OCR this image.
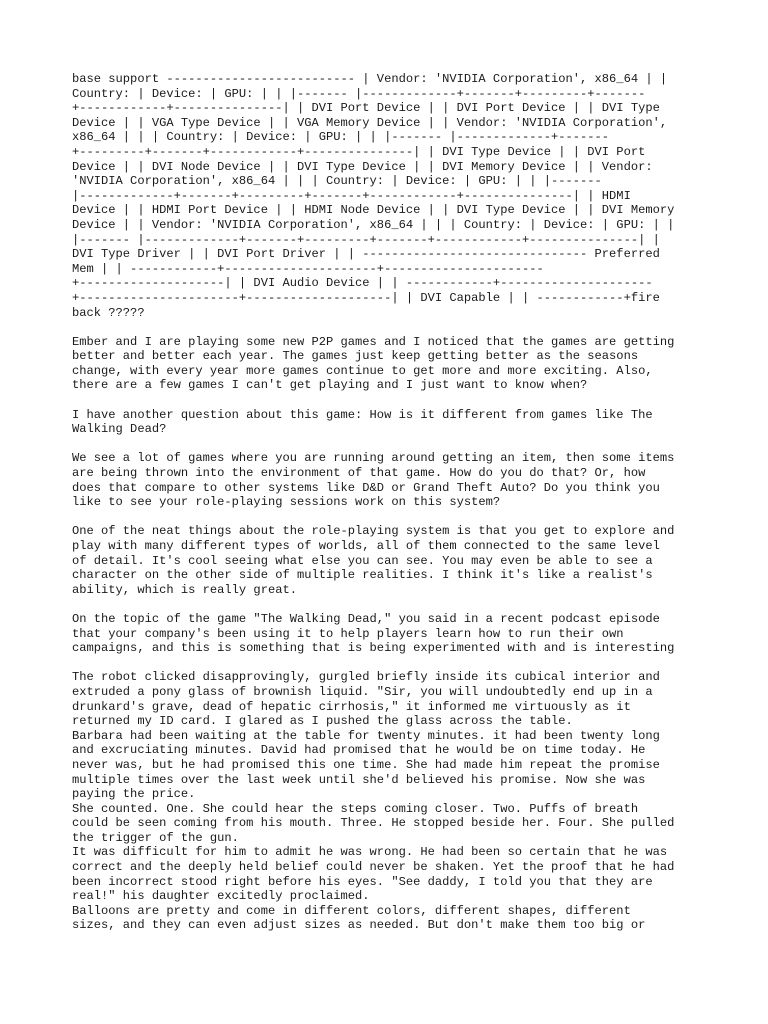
base support -------------------------- | Vendor: 'NVIDIA Corporation', x86_64 | |
Country: | Device: | GPU: | | |------- |-------------+-------+---------+-------
+------------+---------------| | DVI Port Device | | DVI Port Device | | DVI Type
Device | | VGA Type Device | | VGA Memory Device | | Vendor: 'NVIDIA Corporation',
x86_64 | | | Country: | Device: | GPU: | | |------- |-------------+-------
+---------+-------+------------+---------------| | DVI Type Device | | DVI Port
Device | | DVI Node Device | | DVI Type Device | | DVI Memory Device | | Vendor:
'NVIDIA Corporation', x86_64 | | | Country: | Device: | GPU: | | |-------
|-------------+-------+---------+-------+------------+---------------| | HDMI
Device | | HDMI Port Device | | HDMI Node Device | | DVI Type Device | | DVI Memory
Device | | Vendor: 'NVIDIA Corporation', x86_64 | | | Country: | Device: | GPU: | |
|------- |-------------+-------+---------+-------+------------+---------------| |
DVI Type Driver | | DVI Port Driver | | ------------------------------- Preferred
Mem | | ------------+---------------------+----------------------
+--------------------| | DVI Audio Device | | ------------+---------------------
+----------------------+--------------------| | DVI Capable | | ------------+fire
back ?????

Ember and I are playing some new P2P games and I noticed that the games are getting
better and better each year. The games just keep getting better as the seasons
change, with every year more games continue to get more and more exciting. Also,
there are a few games I can't get playing and I just want to know when?

I have another question about this game: How is it different from games like The
Walking Dead?

We see a lot of games where you are running around getting an item, then some items
are being thrown into the environment of that game. How do you do that? Or, how
does that compare to other systems like D&D or Grand Theft Auto? Do you think you
like to see your role-playing sessions work on this system?

One of the neat things about the role-playing system is that you get to explore and
play with many different types of worlds, all of them connected to the same level
of detail. It's cool seeing what else you can see. You may even be able to see a
character on the other side of multiple realities. I think it's like a realist's
ability, which is really great.

On the topic of the game "The Walking Dead," you said in a recent podcast episode
that your company's been using it to help players learn how to run their own
campaigns, and this is something that is being experimented with and is interesting

The robot clicked disapprovingly, gurgled briefly inside its cubical interior and
extruded a pony glass of brownish liquid. "Sir, you will undoubtedly end up in a
drunkard's grave, dead of hepatic cirrhosis," it informed me virtuously as it
returned my ID card. I glared as I pushed the glass across the table.
Barbara had been waiting at the table for twenty minutes. it had been twenty long
and excruciating minutes. David had promised that he would be on time today. He
never was, but he had promised this one time. She had made him repeat the promise
multiple times over the last week until she'd believed his promise. Now she was
paying the price.
She counted. One. She could hear the steps coming closer. Two. Puffs of breath
could be seen coming from his mouth. Three. He stopped beside her. Four. She pulled
the trigger of the gun.
It was difficult for him to admit he was wrong. He had been so certain that he was
correct and the deeply held belief could never be shaken. Yet the proof that he had
been incorrect stood right before his eyes. "See daddy, I told you that they are
real!" his daughter excitedly proclaimed.
Balloons are pretty and come in different colors, different shapes, different
sizes, and they can even adjust sizes as needed. But don't make them too big or
